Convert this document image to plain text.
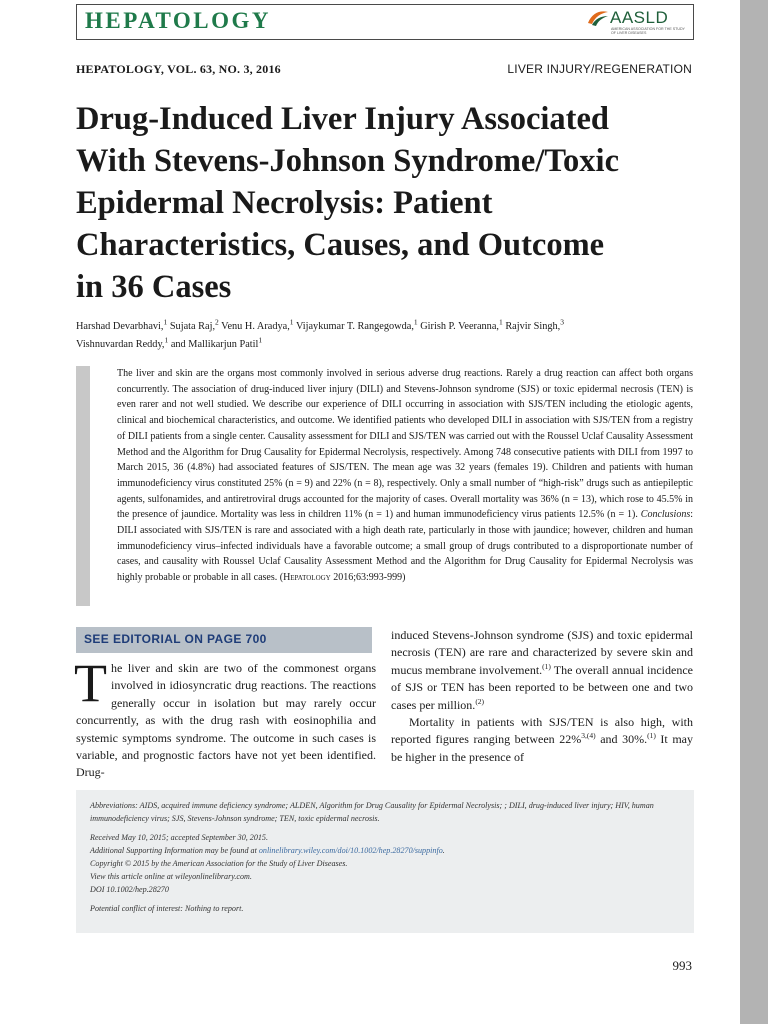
HEPATOLOGY	AASLD
AMERICAN ASSOCIATION FOR THE STUDY OF LIVER DISEASES
HEPATOLOGY, VOL. 63, NO. 3, 2016	LIVER INJURY/REGENERATION
Drug-Induced Liver Injury Associated
With Stevens-Johnson Syndrome/Toxic
Epidermal Necrolysis: Patient
Characteristics, Causes, and Outcome
in 36 Cases
Harshad Devarbhavi,$^1$ Sujata Raj,$^2$ Venu H. Aradya,$^1$ Vijaykumar T. Rangegowda,$^1$ Girish P. Veeranna,$^1$ Rajvir Singh,$^3$
Vishnuvardan Reddy,$^1$ and Mallikarjun Patil$^1$
The liver and skin are the organs most commonly involved in serious adverse drug reactions. Rarely a drug reaction can affect both organs concurrently. The association of drug-induced liver injury (DILI) and Stevens-Johnson syndrome (SJS) or toxic epidermal necrosis (TEN) is even rarer and not well studied. We describe our experience of DILI occurring in association with SJS/TEN including the etiologic agents, clinical and biochemical characteristics, and outcome. We identified patients who developed DILI in association with SJS/TEN from a registry of DILI patients from a single center. Causality assessment for DILI and SJS/TEN was carried out with the Roussel Uclaf Causality Assessment Method and the Algorithm for Drug Causality for Epidermal Necrolysis, respectively. Among 748 consecutive patients with DILI from 1997 to March 2015, 36 (4.8%) had associated features of SJS/TEN. The mean age was 32 years (females 19). Children and patients with human immunodeficiency virus constituted 25% (n = 9) and 22% (n = 8), respectively. Only a small number of “high-risk” drugs such as antiepileptic agents, sulfonamides, and antiretroviral drugs accounted for the majority of cases. Overall mortality was 36% (n = 13), which rose to 45.5% in the presence of jaundice. Mortality was less in children 11% (n = 1) and human immunodeficiency virus patients 12.5% (n = 1). Conclusions: DILI associated with SJS/TEN is rare and associated with a high death rate, particularly in those with jaundice; however, children and human immunodeficiency virus–infected individuals have a favorable outcome; a small group of drugs contributed to a disproportionate number of cases, and causality with Roussel Uclaf Causality Assessment Method and the Algorithm for Drug Causality for Epidermal Necrolysis was highly probable or probable in all cases. (Hepatology 2016;63:993-999)
SEE EDITORIAL ON PAGE 700
The liver and skin are two of the commonest organs involved in idiosyncratic drug reactions. The reactions generally occur in isolation but may rarely occur concurrently, as with the drug rash with eosinophilia and systemic symptoms syndrome. The outcome in such cases is variable, and prognostic factors have not yet been identified. Drug-

induced Stevens-Johnson syndrome (SJS) and toxic epidermal necrosis (TEN) are rare and characterized by severe skin and mucus membrane involvement.$^{(1)}$ The overall annual incidence of SJS or TEN has been reported to be between one and two cases per million.$^{(2)}$

Mortality in patients with SJS/TEN is also high, with reported figures ranging between 22%$^{3,(4)}$ and 30%.$^{(1)}$ It may be higher in the presence of

Abbreviations: AIDS, acquired immune deficiency syndrome; ALDEN, Algorithm for Drug Causality for Epidermal Necrolysis; ; DILI, drug-induced liver injury; HIV, human immunodeficiency virus; SJS, Stevens-Johnson syndrome; TEN, toxic epidermal necrosis.
Received May 10, 2015; accepted September 30, 2015.
Additional Supporting Information may be found at onlinelibrary.wiley.com/doi/10.1002/hep.28270/suppinfo.
Copyright © 2015 by the American Association for the Study of Liver Diseases.
View this article online at wileyonlinelibrary.com.
DOI 10.1002/hep.28270
Potential conflict of interest: Nothing to report.
993
